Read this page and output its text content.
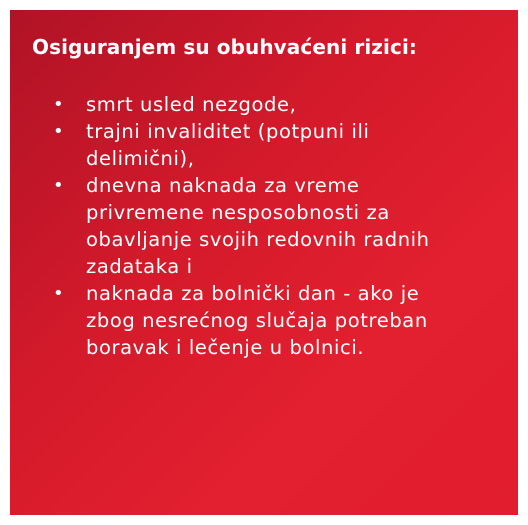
Osiguranjem su obuhvaćeni rizici:
• smrt usled nezgode,
• trajni invaliditet (potpuni ili
delimični),
• dnevna naknada za vreme
privremene nesposobnosti za
obavljanje svojih redovnih radnih
zadataka i
• naknada za bolnički dan - ako je
zbog nesrećnog slučaja potreban
boravak i lečenje u bolnici.
